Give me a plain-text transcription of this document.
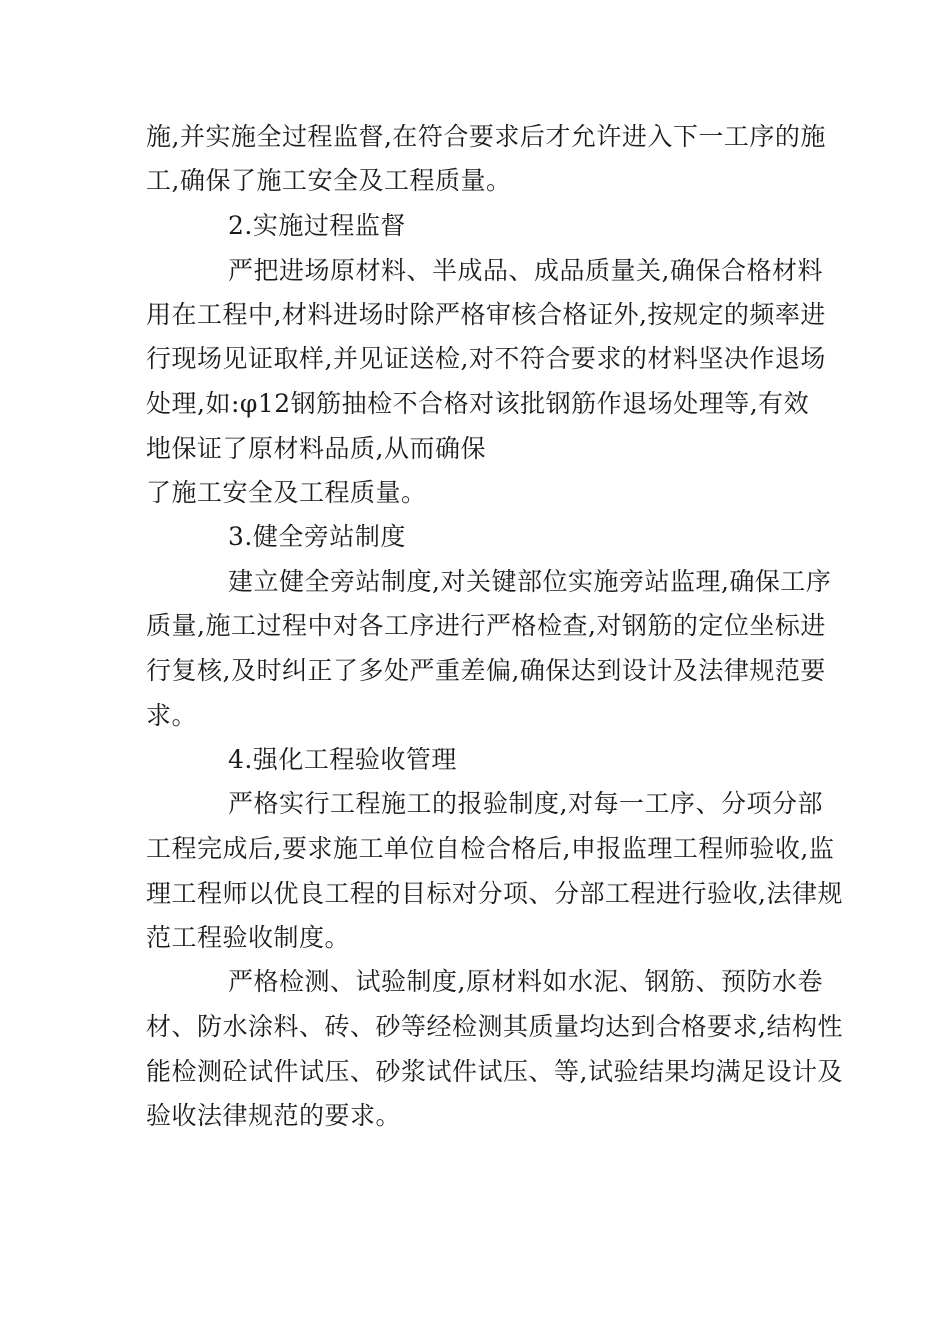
施,并实施全过程监督,在符合要求后才允许进入下一工序的施
工,确保了施工安全及工程质量。
2.实施过程监督
严把进场原材料、半成品、成品质量关,确保合格材料
用在工程中,材料进场时除严格审核合格证外,按规定的频率进
行现场见证取样,并见证送检,对不符合要求的材料坚决作退场
处理,如:φ12钢筋抽检不合格对该批钢筋作退场处理等,有效
地保证了原材料品质,从而确保
了施工安全及工程质量。
3.健全旁站制度
建立健全旁站制度,对关键部位实施旁站监理,确保工序
质量,施工过程中对各工序进行严格检查,对钢筋的定位坐标进
行复核,及时纠正了多处严重差偏,确保达到设计及法律规范要
求。
4.强化工程验收管理
严格实行工程施工的报验制度,对每一工序、分项分部
工程完成后,要求施工单位自检合格后,申报监理工程师验收,监
理工程师以优良工程的目标对分项、分部工程进行验收,法律规
范工程验收制度。
严格检测、试验制度,原材料如水泥、钢筋、预防水卷
材、防水涂料、砖、砂等经检测其质量均达到合格要求,结构性
能检测砼试件试压、砂浆试件试压、等,试验结果均满足设计及
验收法律规范的要求。
